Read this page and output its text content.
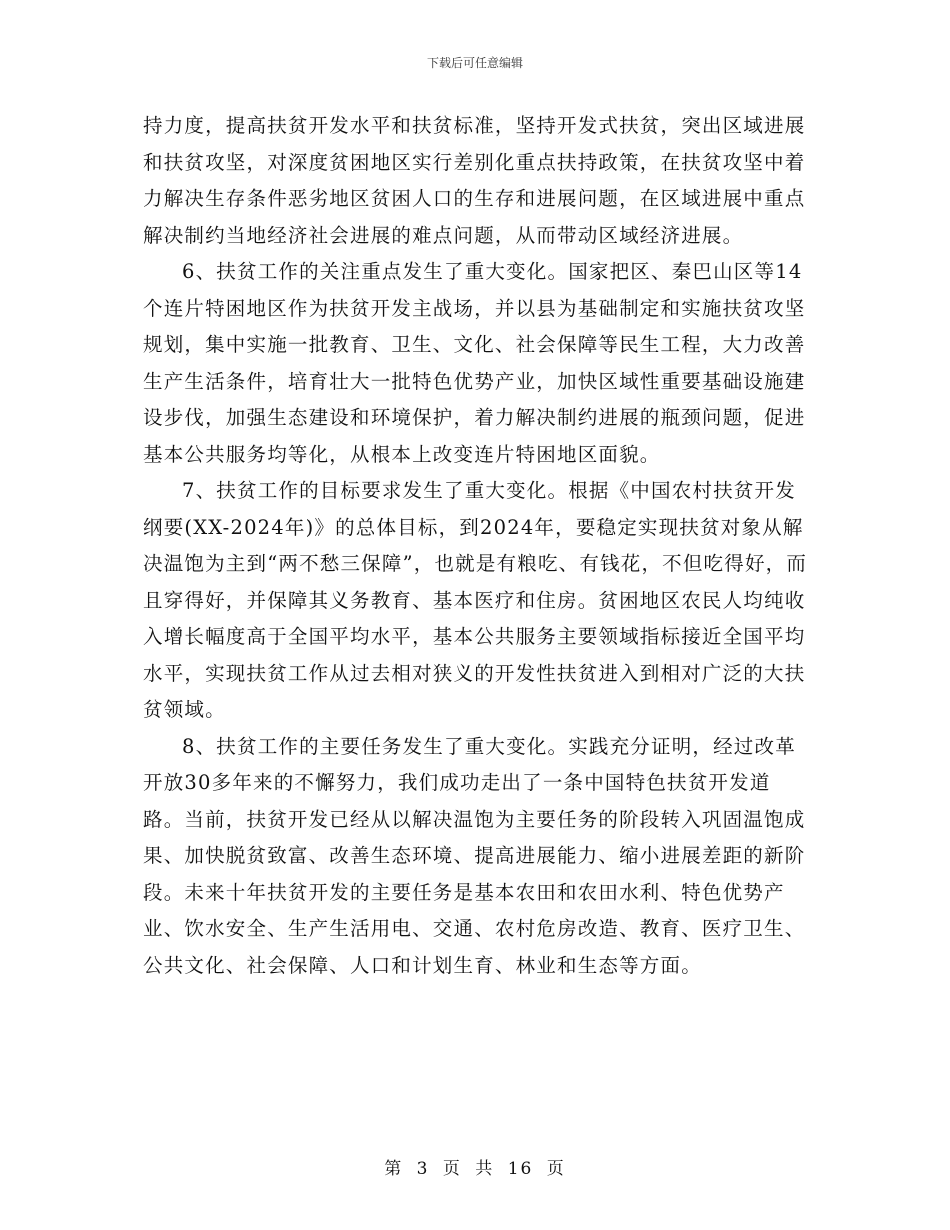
下载后可任意编辑

持力度，提高扶贫开发水平和扶贫标准，坚持开发式扶贫，突出区域进展和扶贫攻坚，对深度贫困地区实行差别化重点扶持政策，在扶贫攻坚中着力解决生存条件恶劣地区贫困人口的生存和进展问题，在区域进展中重点解决制约当地经济社会进展的难点问题，从而带动区域经济进展。

6、扶贫工作的关注重点发生了重大变化。国家把区、秦巴山区等14个连片特困地区作为扶贫开发主战场，并以县为基础制定和实施扶贫攻坚规划，集中实施一批教育、卫生、文化、社会保障等民生工程，大力改善生产生活条件，培育壮大一批特色优势产业，加快区域性重要基础设施建设步伐，加强生态建设和环境保护，着力解决制约进展的瓶颈问题，促进基本公共服务均等化，从根本上改变连片特困地区面貌。

7、扶贫工作的目标要求发生了重大变化。根据《中国农村扶贫开发纲要(XX-2024年)》的总体目标，到2024年，要稳定实现扶贫对象从解决温饱为主到“两不愁三保障”，也就是有粮吃、有钱花，不但吃得好，而且穿得好，并保障其义务教育、基本医疗和住房。贫困地区农民人均纯收入增长幅度高于全国平均水平，基本公共服务主要领域指标接近全国平均水平，实现扶贫工作从过去相对狭义的开发性扶贫进入到相对广泛的大扶贫领域。

8、扶贫工作的主要任务发生了重大变化。实践充分证明，经过改革开放30多年来的不懈努力，我们成功走出了一条中国特色扶贫开发道路。当前，扶贫开发已经从以解决温饱为主要任务的阶段转入巩固温饱成果、加快脱贫致富、改善生态环境、提高进展能力、缩小进展差距的新阶段。未来十年扶贫开发的主要任务是基本农田和农田水利、特色优势产业、饮水安全、生产生活用电、交通、农村危房改造、教育、医疗卫生、公共文化、社会保障、人口和计划生育、林业和生态等方面。

第 3 页 共 16 页
